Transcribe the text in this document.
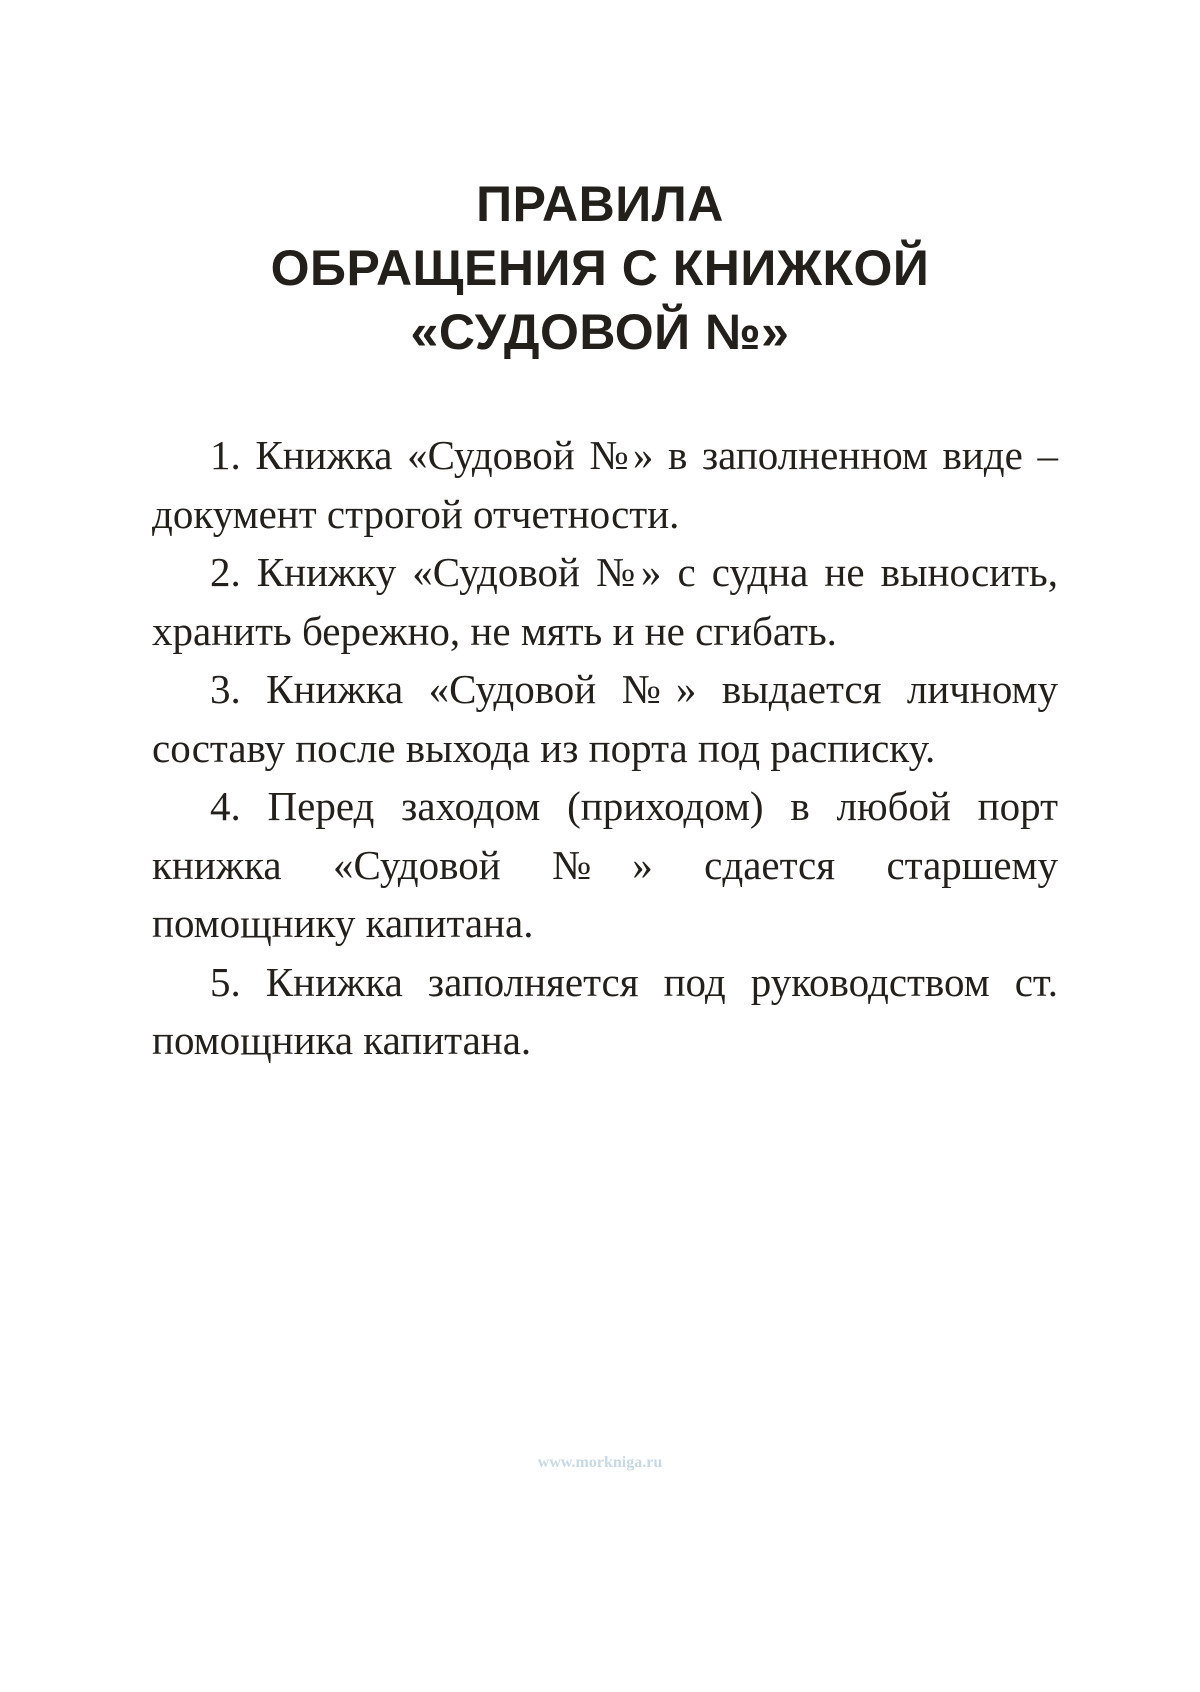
ПРАВИЛА
ОБРАЩЕНИЯ С КНИЖКОЙ
«СУДОВОЙ №»

1. Книжка «Судовой №» в заполненном виде – документ строгой отчетности.

2. Книжку «Судовой №» с судна не выносить, хранить бережно, не мять и не сгибать.

3. Книжка «Судовой №» выдается личному составу после выхода из порта под расписку.

4. Перед заходом (приходом) в любой порт книжка «Судовой №» сдается старшему помощнику капитана.

5. Книжка заполняется под руководством ст. помощника капитана.

www.morkniga.ru
